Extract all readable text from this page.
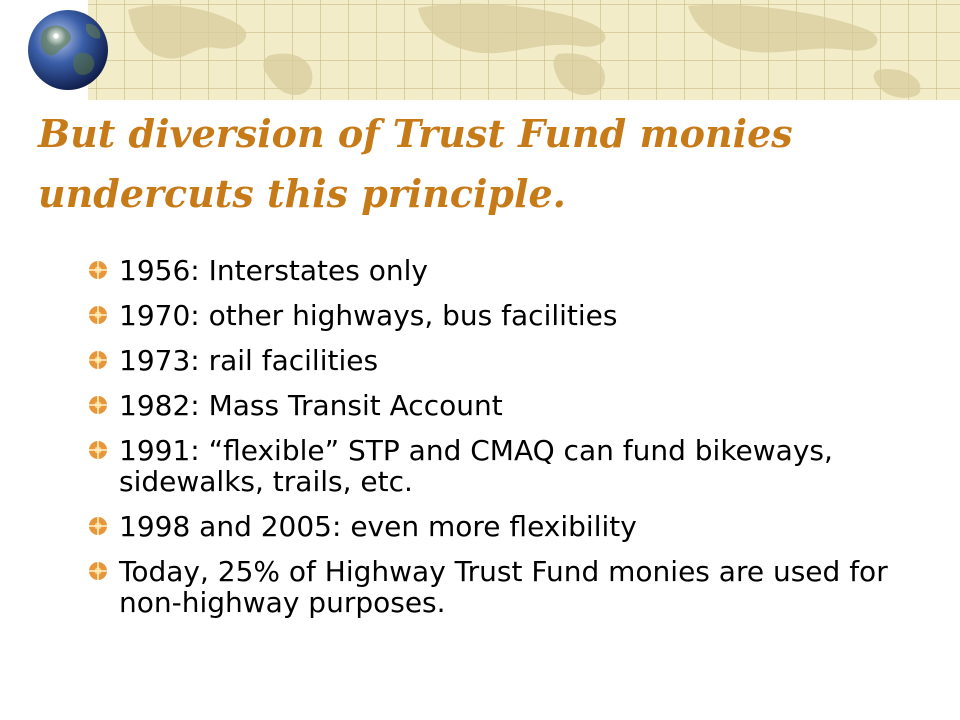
But diversion of Trust Fund monies
undercuts this principle.
1956: Interstates only
1970: other highways, bus facilities
1973: rail facilities
1982: Mass Transit Account
1991: “flexible” STP and CMAQ can fund bikeways, sidewalks, trails, etc.
1998 and 2005: even more flexibility
Today, 25% of Highway Trust Fund monies are used for non-highway purposes.
